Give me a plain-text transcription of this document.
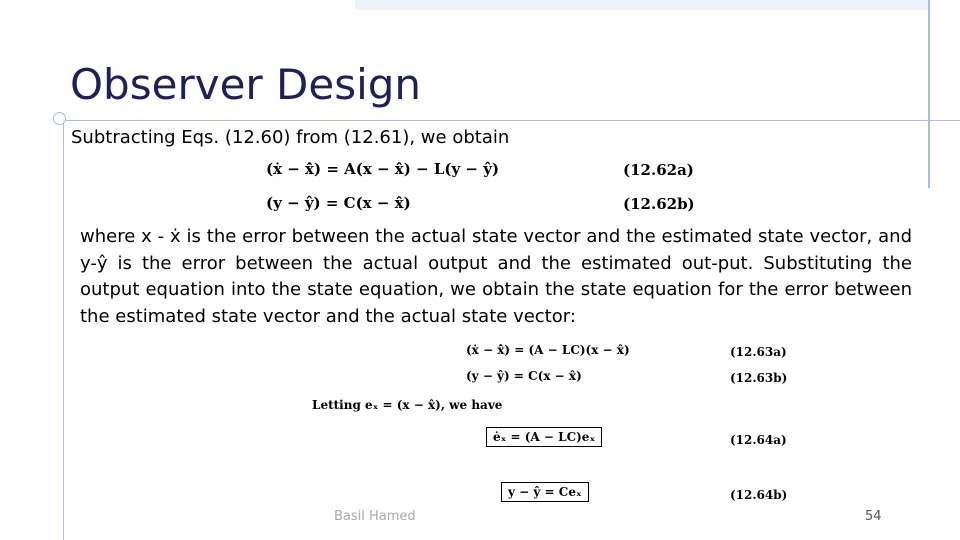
Observer Design
Subtracting Eqs. (12.60) from (12.61), we obtain
(ẋ − x̂̇) = A(x − x̂) − L(y − ŷ)	(12.62a)
(y − ŷ) = C(x − x̂)	(12.62b)
where x - ẋ is the error between the actual state vector and the estimated state vector, and y-ŷ is the error between the actual output and the estimated out-put. Substituting the output equation into the state equation, we obtain the state equation for the error between the estimated state vector and the actual state vector:
(ẋ − x̂̇) = (A − LC)(x − x̂)	(12.63a)
(y − ŷ) = C(x − x̂)	(12.63b)
Letting eₓ = (x − x̂), we have
ėₓ = (A − LC)eₓ	(12.64a)
y − ŷ = Ceₓ	(12.64b)
Basil Hamed	54
